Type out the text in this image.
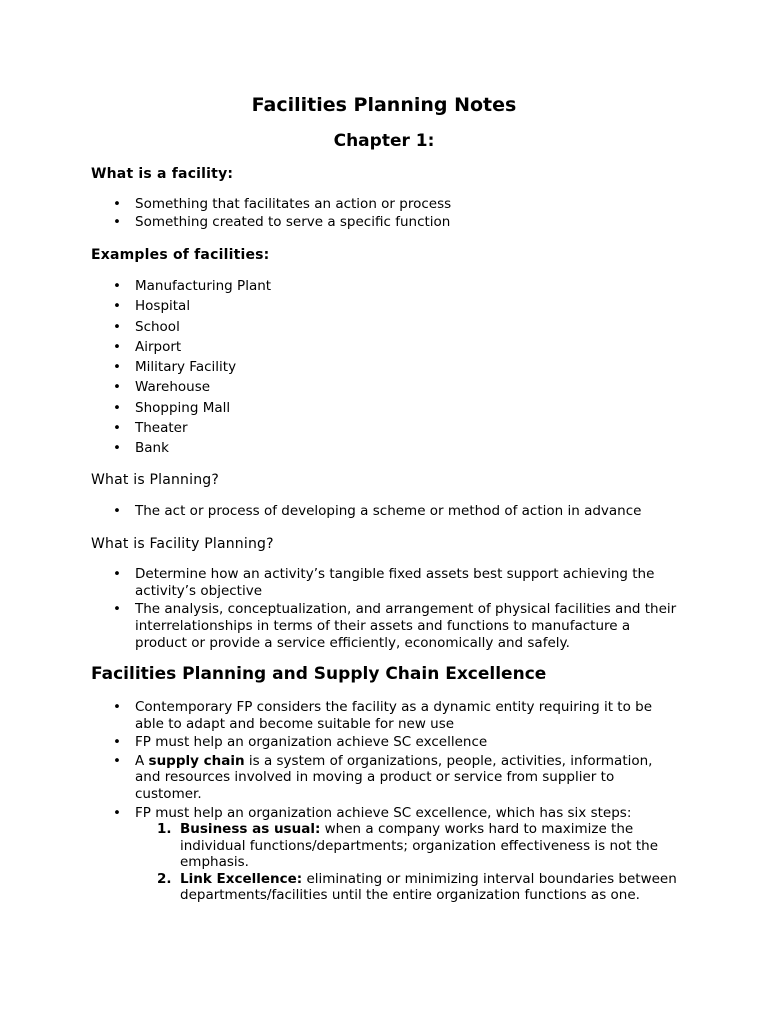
Facilities Planning Notes
Chapter 1:
What is a facility:
• Something that facilitates an action or process
• Something created to serve a specific function
Examples of facilities:
• Manufacturing Plant
• Hospital
• School
• Airport
• Military Facility
• Warehouse
• Shopping Mall
• Theater
• Bank
What is Planning?
• The act or process of developing a scheme or method of action in advance
What is Facility Planning?
• Determine how an activity’s tangible fixed assets best support achieving the activity’s objective
• The analysis, conceptualization, and arrangement of physical facilities and their interrelationships in terms of their assets and functions to manufacture a product or provide a service efficiently, economically and safely.
Facilities Planning and Supply Chain Excellence
• Contemporary FP considers the facility as a dynamic entity requiring it to be able to adapt and become suitable for new use
• FP must help an organization achieve SC excellence
• A supply chain is a system of organizations, people, activities, information, and resources involved in moving a product or service from supplier to customer.
• FP must help an organization achieve SC excellence, which has six steps:
1. Business as usual: when a company works hard to maximize the individual functions/departments; organization effectiveness is not the emphasis.
2. Link Excellence: eliminating or minimizing interval boundaries between departments/facilities until the entire organization functions as one.
